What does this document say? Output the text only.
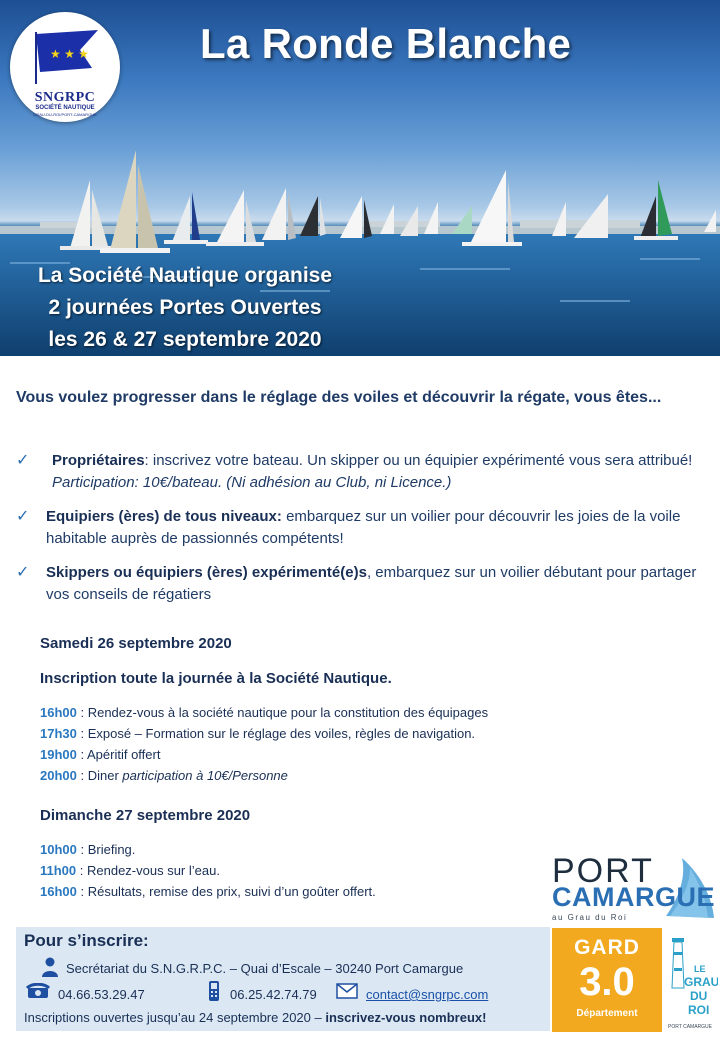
★ ★ ★
SNGRPC
SOCIÉTÉ NAUTIQUE
GRAU-DU-ROI/PORT-CAMARGUE
La Ronde Blanche
La Société Nautique organise
2 journées Portes Ouvertes
les 26 & 27 septembre 2020
Vous voulez progresser dans le réglage des voiles et découvrir la régate, vous êtes...
✓ Propriétaires: inscrivez votre bateau. Un skipper ou un équipier expérimenté vous sera attribué! Participation: 10€/bateau. (Ni adhésion au Club, ni Licence.)
✓ Equipiers (ères) de tous niveaux: embarquez sur un voilier pour découvrir les joies de la voile habitable auprès de passionnés compétents!
✓ Skippers ou équipiers (ères) expérimenté(e)s, embarquez sur un voilier débutant pour partager vos conseils de régatiers
Samedi 26 septembre 2020
Inscription toute la journée à la Société Nautique.
16h00 : Rendez-vous à la société nautique pour la constitution des équipages
17h30 : Exposé – Formation sur le réglage des voiles, règles de navigation.
19h00 : Apéritif offert
20h00 : Diner participation à 10€/Personne
Dimanche 27 septembre 2020
10h00 : Briefing.
11h00 : Rendez-vous sur l’eau.
16h00 : Résultats, remise des prix, suivi d’un goûter offert.
PORT
CAMARGUE
au Grau du Roi
Pour s’inscrire:
Secrétariat du S.N.G.R.P.C. – Quai d’Escale – 30240 Port Camargue
04.66.53.29.47	06.25.42.74.79	contact@sngrpc.com
Inscriptions ouvertes jusqu’au 24 septembre 2020 – inscrivez-vous nombreux!
GARD
3.0
Département
LE
GRAU
DU
ROI
PORT CAMARGUE
